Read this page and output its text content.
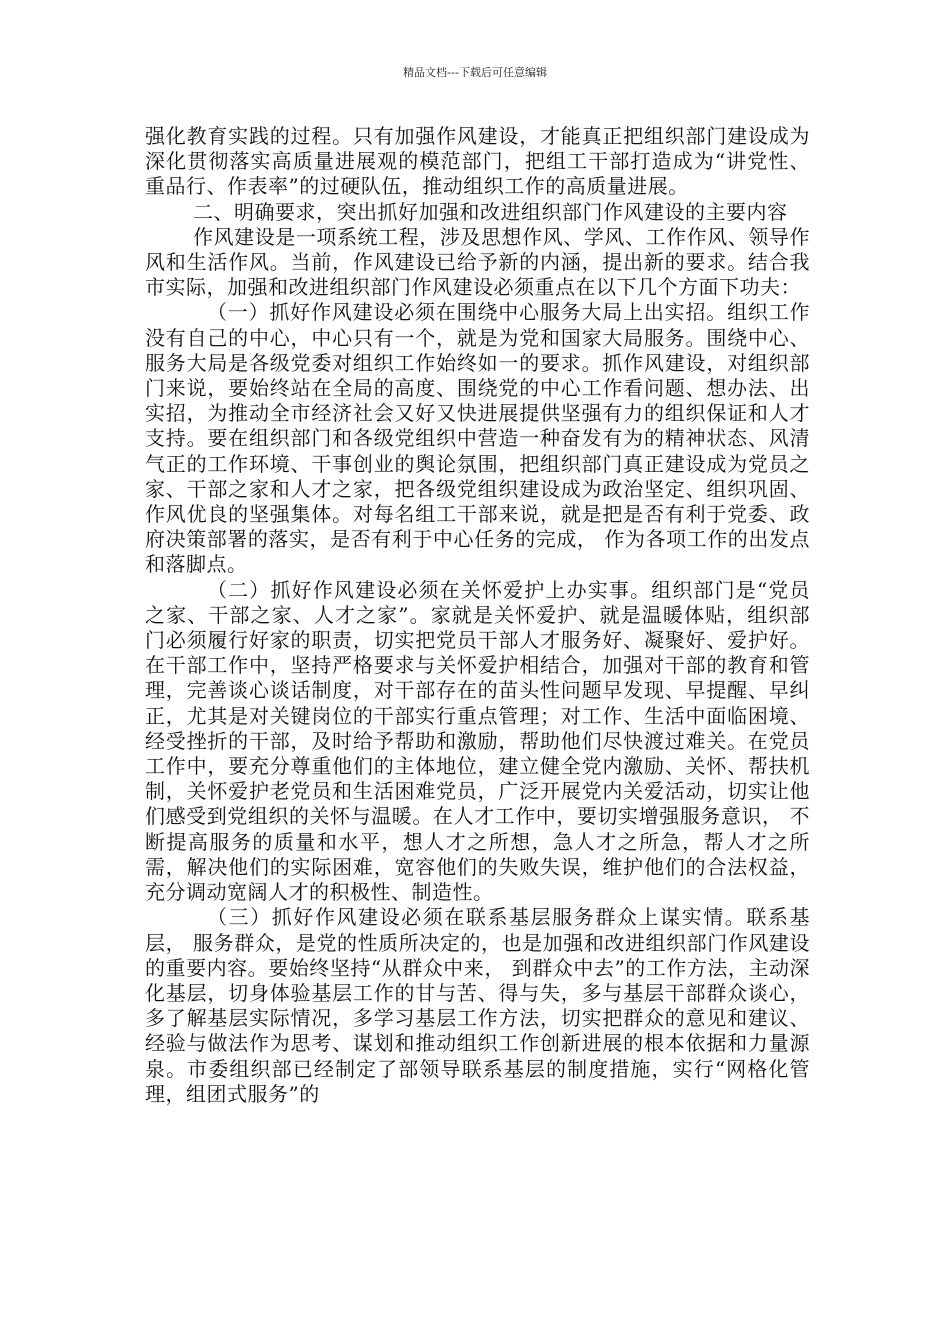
精品文档---下载后可任意编辑

强化教育实践的过程。只有加强作风建设，才能真正把组织部门建设成为深化贯彻落实高质量进展观的模范部门，把组工干部打造成为“讲党性、重品行、作表率”的过硬队伍，推动组织工作的高质量进展。

二、明确要求，突出抓好加强和改进组织部门作风建设的主要内容

作风建设是一项系统工程，涉及思想作风、学风、工作作风、领导作风和生活作风。当前，作风建设已给予新的内涵，提出新的要求。结合我市实际，加强和改进组织部门作风建设必须重点在以下几个方面下功夫：

（一）抓好作风建设必须在围绕中心服务大局上出实招。组织工作没有自己的中心，中心只有一个，就是为党和国家大局服务。围绕中心、服务大局是各级党委对组织工作始终如一的要求。抓作风建设，对组织部门来说，要始终站在全局的高度、围绕党的中心工作看问题、想办法、出实招，为推动全市经济社会又好又快进展提供坚强有力的组织保证和人才支持。要在组织部门和各级党组织中营造一种奋发有为的精神状态、风清气正的工作环境、干事创业的舆论氛围，把组织部门真正建设成为党员之家、干部之家和人才之家，把各级党组织建设成为政治坚定、组织巩固、作风优良的坚强集体。对每名组工干部来说，就是把是否有利于党委、政府决策部署的落实，是否有利于中心任务的完成， 作为各项工作的出发点和落脚点。

（二）抓好作风建设必须在关怀爱护上办实事。组织部门是“党员之家、干部之家、人才之家”。家就是关怀爱护、就是温暖体贴，组织部门必须履行好家的职责，切实把党员干部人才服务好、凝聚好、爱护好。在干部工作中，坚持严格要求与关怀爱护相结合，加强对干部的教育和管理，完善谈心谈话制度，对干部存在的苗头性问题早发现、早提醒、早纠正，尤其是对关键岗位的干部实行重点管理；对工作、生活中面临困境、经受挫折的干部，及时给予帮助和激励，帮助他们尽快渡过难关。在党员工作中，要充分尊重他们的主体地位，建立健全党内激励、关怀、帮扶机制，关怀爱护老党员和生活困难党员，广泛开展党内关爱活动，切实让他们感受到党组织的关怀与温暖。在人才工作中，要切实增强服务意识， 不断提高服务的质量和水平，想人才之所想，急人才之所急，帮人才之所需，解决他们的实际困难，宽容他们的失败失误，维护他们的合法权益，充分调动宽阔人才的积极性、制造性。

（三）抓好作风建设必须在联系基层服务群众上谋实情。联系基层， 服务群众，是党的性质所决定的，也是加强和改进组织部门作风建设的重要内容。要始终坚持“从群众中来， 到群众中去”的工作方法，主动深化基层，切身体验基层工作的甘与苦、得与失，多与基层干部群众谈心，多了解基层实际情况，多学习基层工作方法，切实把群众的意见和建议、经验与做法作为思考、谋划和推动组织工作创新进展的根本依据和力量源泉。市委组织部已经制定了部领导联系基层的制度措施，实行“网格化管理，组团式服务”的
